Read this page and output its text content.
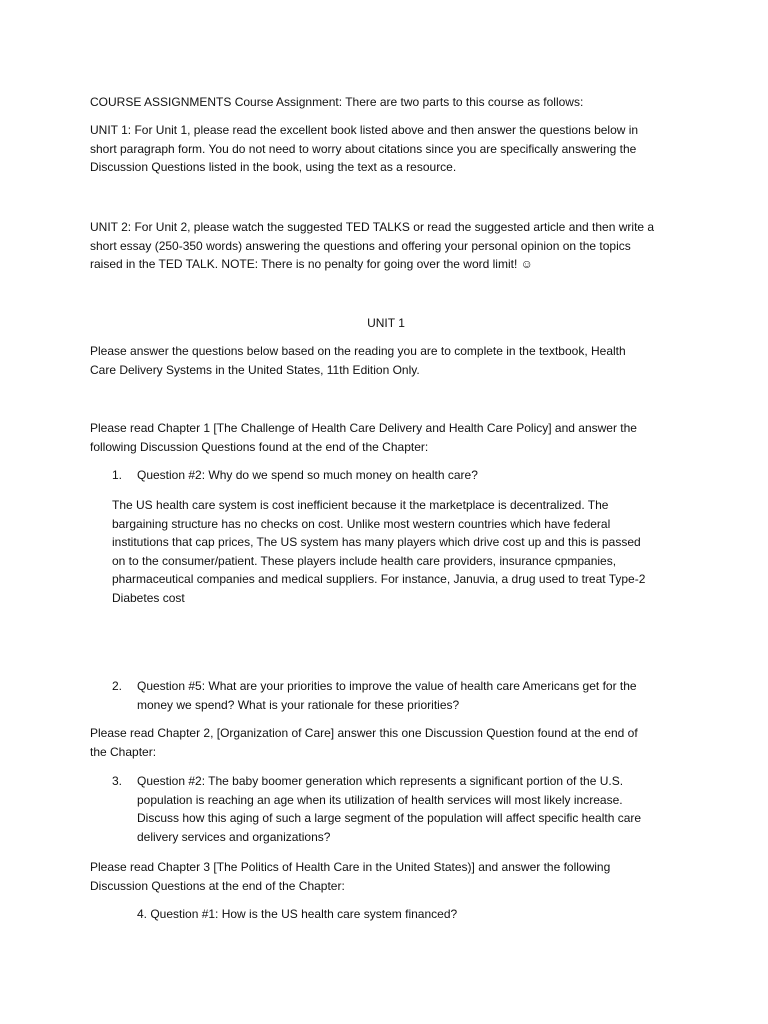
COURSE ASSIGNMENTS Course Assignment: There are two parts to this course as follows:

UNIT 1: For Unit 1, please read the excellent book listed above and then answer the questions below in
short paragraph form. You do not need to worry about citations since you are specifically answering the
Discussion Questions listed in the book, using the text as a resource.

UNIT 2: For Unit 2, please watch the suggested TED TALKS or read the suggested article and then write a
short essay (250-350 words) answering the questions and offering your personal opinion on the topics
raised in the TED TALK. NOTE: There is no penalty for going over the word limit! ☺

UNIT 1

Please answer the questions below based on the reading you are to complete in the textbook, Health
Care Delivery Systems in the United States, 11th Edition Only.

Please read Chapter 1 [The Challenge of Health Care Delivery and Health Care Policy] and answer the
following Discussion Questions found at the end of the Chapter:

1.	Question #2: Why do we spend so much money on health care?
The US health care system is cost inefficient because it the marketplace is decentralized. The
bargaining structure has no checks on cost. Unlike most western countries which have federal
institutions that cap prices, The US system has many players which drive cost up and this is passed
on to the consumer/patient. These players include health care providers, insurance cpmpanies,
pharmaceutical companies and medical suppliers. For instance, Januvia, a drug used to treat Type-2
Diabetes cost
2.	Question #5: What are your priorities to improve the value of health care Americans get for the
money we spend? What is your rationale for these priorities?

Please read Chapter 2, [Organization of Care] answer this one Discussion Question found at the end of
the Chapter:

3.	Question #2: The baby boomer generation which represents a significant portion of the U.S.
population is reaching an age when its utilization of health services will most likely increase.
Discuss how this aging of such a large segment of the population will affect specific health care
delivery services and organizations?

Please read Chapter 3 [The Politics of Health Care in the United States)] and answer the following
Discussion Questions at the end of the Chapter:

4. Question #1: How is the US health care system financed?
